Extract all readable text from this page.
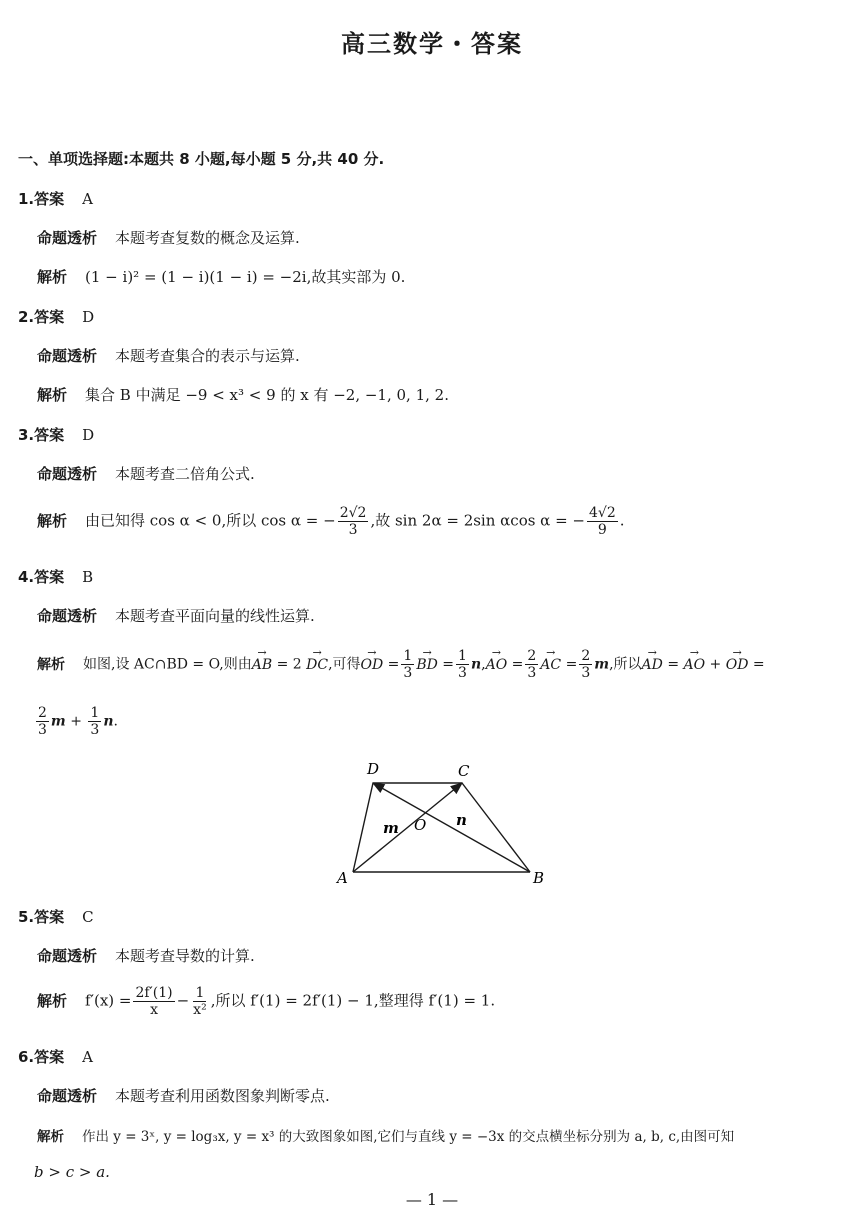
高三数学・答案
一、单项选择题:本题共 8 小题,每小题 5 分,共 40 分.
1.答案 A
命题透析 本题考查复数的概念及运算.
解析 (1 − i)² = (1 − i)(1 − i) = −2i,故其实部为 0.
2.答案 D
命题透析 本题考查集合的表示与运算.
解析 集合 B 中满足 −9 < x³ < 9 的 x 有 −2, −1, 0, 1, 2.
3.答案 D
命题透析 本题考查二倍角公式.
解析 由已知得 cos α < 0,所以 cos α = − $\frac{2√2}{3}$ ,故 sin 2α = 2sin αcos α = − $\frac{4√2}{9}$ .
4.答案 B
命题透析 本题考查平面向量的线性运算.
解析 如图,设 AC∩BD = O,则由→ AB = 2 → DC,可得→ OD = $\frac{1}{3}$ → BD = $\frac{1}{3} n,\to$ AO = $\frac{2}{3}$ → AC = $\frac{2}{3} m$,所以→ AD = → AO + → OD =
$\frac{2}{3}$ $m + \frac{1}{3} n$.
D	C
O
A	B
m	n
5.答案 C
命题透析 本题考查导数的计算.
解析 $f'(x) = \frac{2f'(1)}{x} - \frac{1}{\text{x²}}$ ,所以 f′(1) = 2f′(1) − 1,整理得 f′(1) = 1.
6.答案 A
命题透析 本题考查利用函数图象判断零点.
解析 作出 y = 3ˣ, y = log₃x, y = x³ 的大致图象如图,它们与直线 y = −3x 的交点横坐标分别为 a, b, c,由图可知
b > c > a.
— 1 —
